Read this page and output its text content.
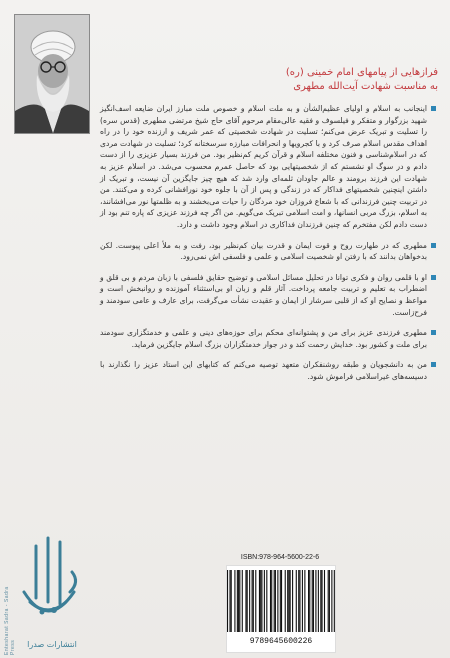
فرازهایی از پیامهای امام خمینی (ره)
به مناسبت شهادت آیت‌الله مطهری

اینجانب به اسلام و اولیای عظیم‌الشأن و به ملت اسلام و خصوص ملت مبارز ایران ضایعه اسف‌انگیز شهید بزرگوار و متفکر و فیلسوف و فقیه عالی‌مقام مرحوم آقای حاج شیخ مرتضی مطهری (قدس سره) را تسلیت و تبریک عرض می‌کنم؛ تسلیت در شهادت شخصیتی که عمر شریف و ارزنده خود را در راه اهداف مقدس اسلام صرف کرد و با کجرویها و انحرافات مبارزه سرسختانه کرد؛ تسلیت در شهادت مردی که در اسلام‌شناسی و فنون مختلفه اسلام و قرآن کریم کم‌نظیر بود. من فرزند بسیار عزیزی را از دست دادم و در سوگ او نشستم که از شخصیتهایی بود که حاصل عمرم محسوب می‌شد. در اسلام عزیز به شهادت این فرزند برومند و عالم جاودان ثلمه‌ای وارد شد که هیچ چیز جایگزین آن نیست، و تبریک از داشتن اینچنین شخصیتهای فداکار که در زندگی و پس از آن با جلوه خود نورافشانی کرده و می‌کنند. من در تربیت چنین فرزندانی که با شعاع فروزان خود مردگان را حیات می‌بخشند و به ظلمتها نور می‌افشانند، به اسلام، بزرگ مربی انسانها، و امت اسلامی تبریک می‌گویم. من اگر چه فرزند عزیزی که پاره تنم بود از دست دادم لکن مفتخرم که چنین فرزندان فداکاری در اسلام وجود داشت و دارد.

مطهری که در طهارت روح و قوت ایمان و قدرت بیان کم‌نظیر بود، رفت و به ملأ اعلی پیوست. لکن بدخواهان بدانند که با رفتن او شخصیت اسلامی و علمی و فلسفی اش نمی‌رود.

او با قلمی روان و فکری توانا در تحلیل مسائل اسلامی و توضیح حقایق فلسفی با زبان مردم و بی قلق و اضطراب به تعلیم و تربیت جامعه پرداخت. آثار قلم و زبان او بی‌استثناء آموزنده و روانبخش است و مواعظ و نصایح او که از قلبی سرشار از ایمان و عقیدت نشأت می‌گرفت، برای عارف و عامی سودمند و فرح‌زاست.

مطهری فرزندی عزیز برای من و پشتوانه‌ای محکم برای حوزه‌های دینی و علمی و خدمتگزاری سودمند برای ملت و کشور بود. خدایش رحمت کند و در جوار خدمتگزاران بزرگ اسلام جایگزین فرماید.

من به دانشجویان و طبقه روشنفکران متعهد توصیه می‌کنم که کتابهای این استاد عزیز را نگذارند با دسیسه‌های غیراسلامی فراموش شود.

Entesharat Sadra - Sadra Press	انتشارات صدرا
ISBN:978-964-5600-22-6
9789645600226
